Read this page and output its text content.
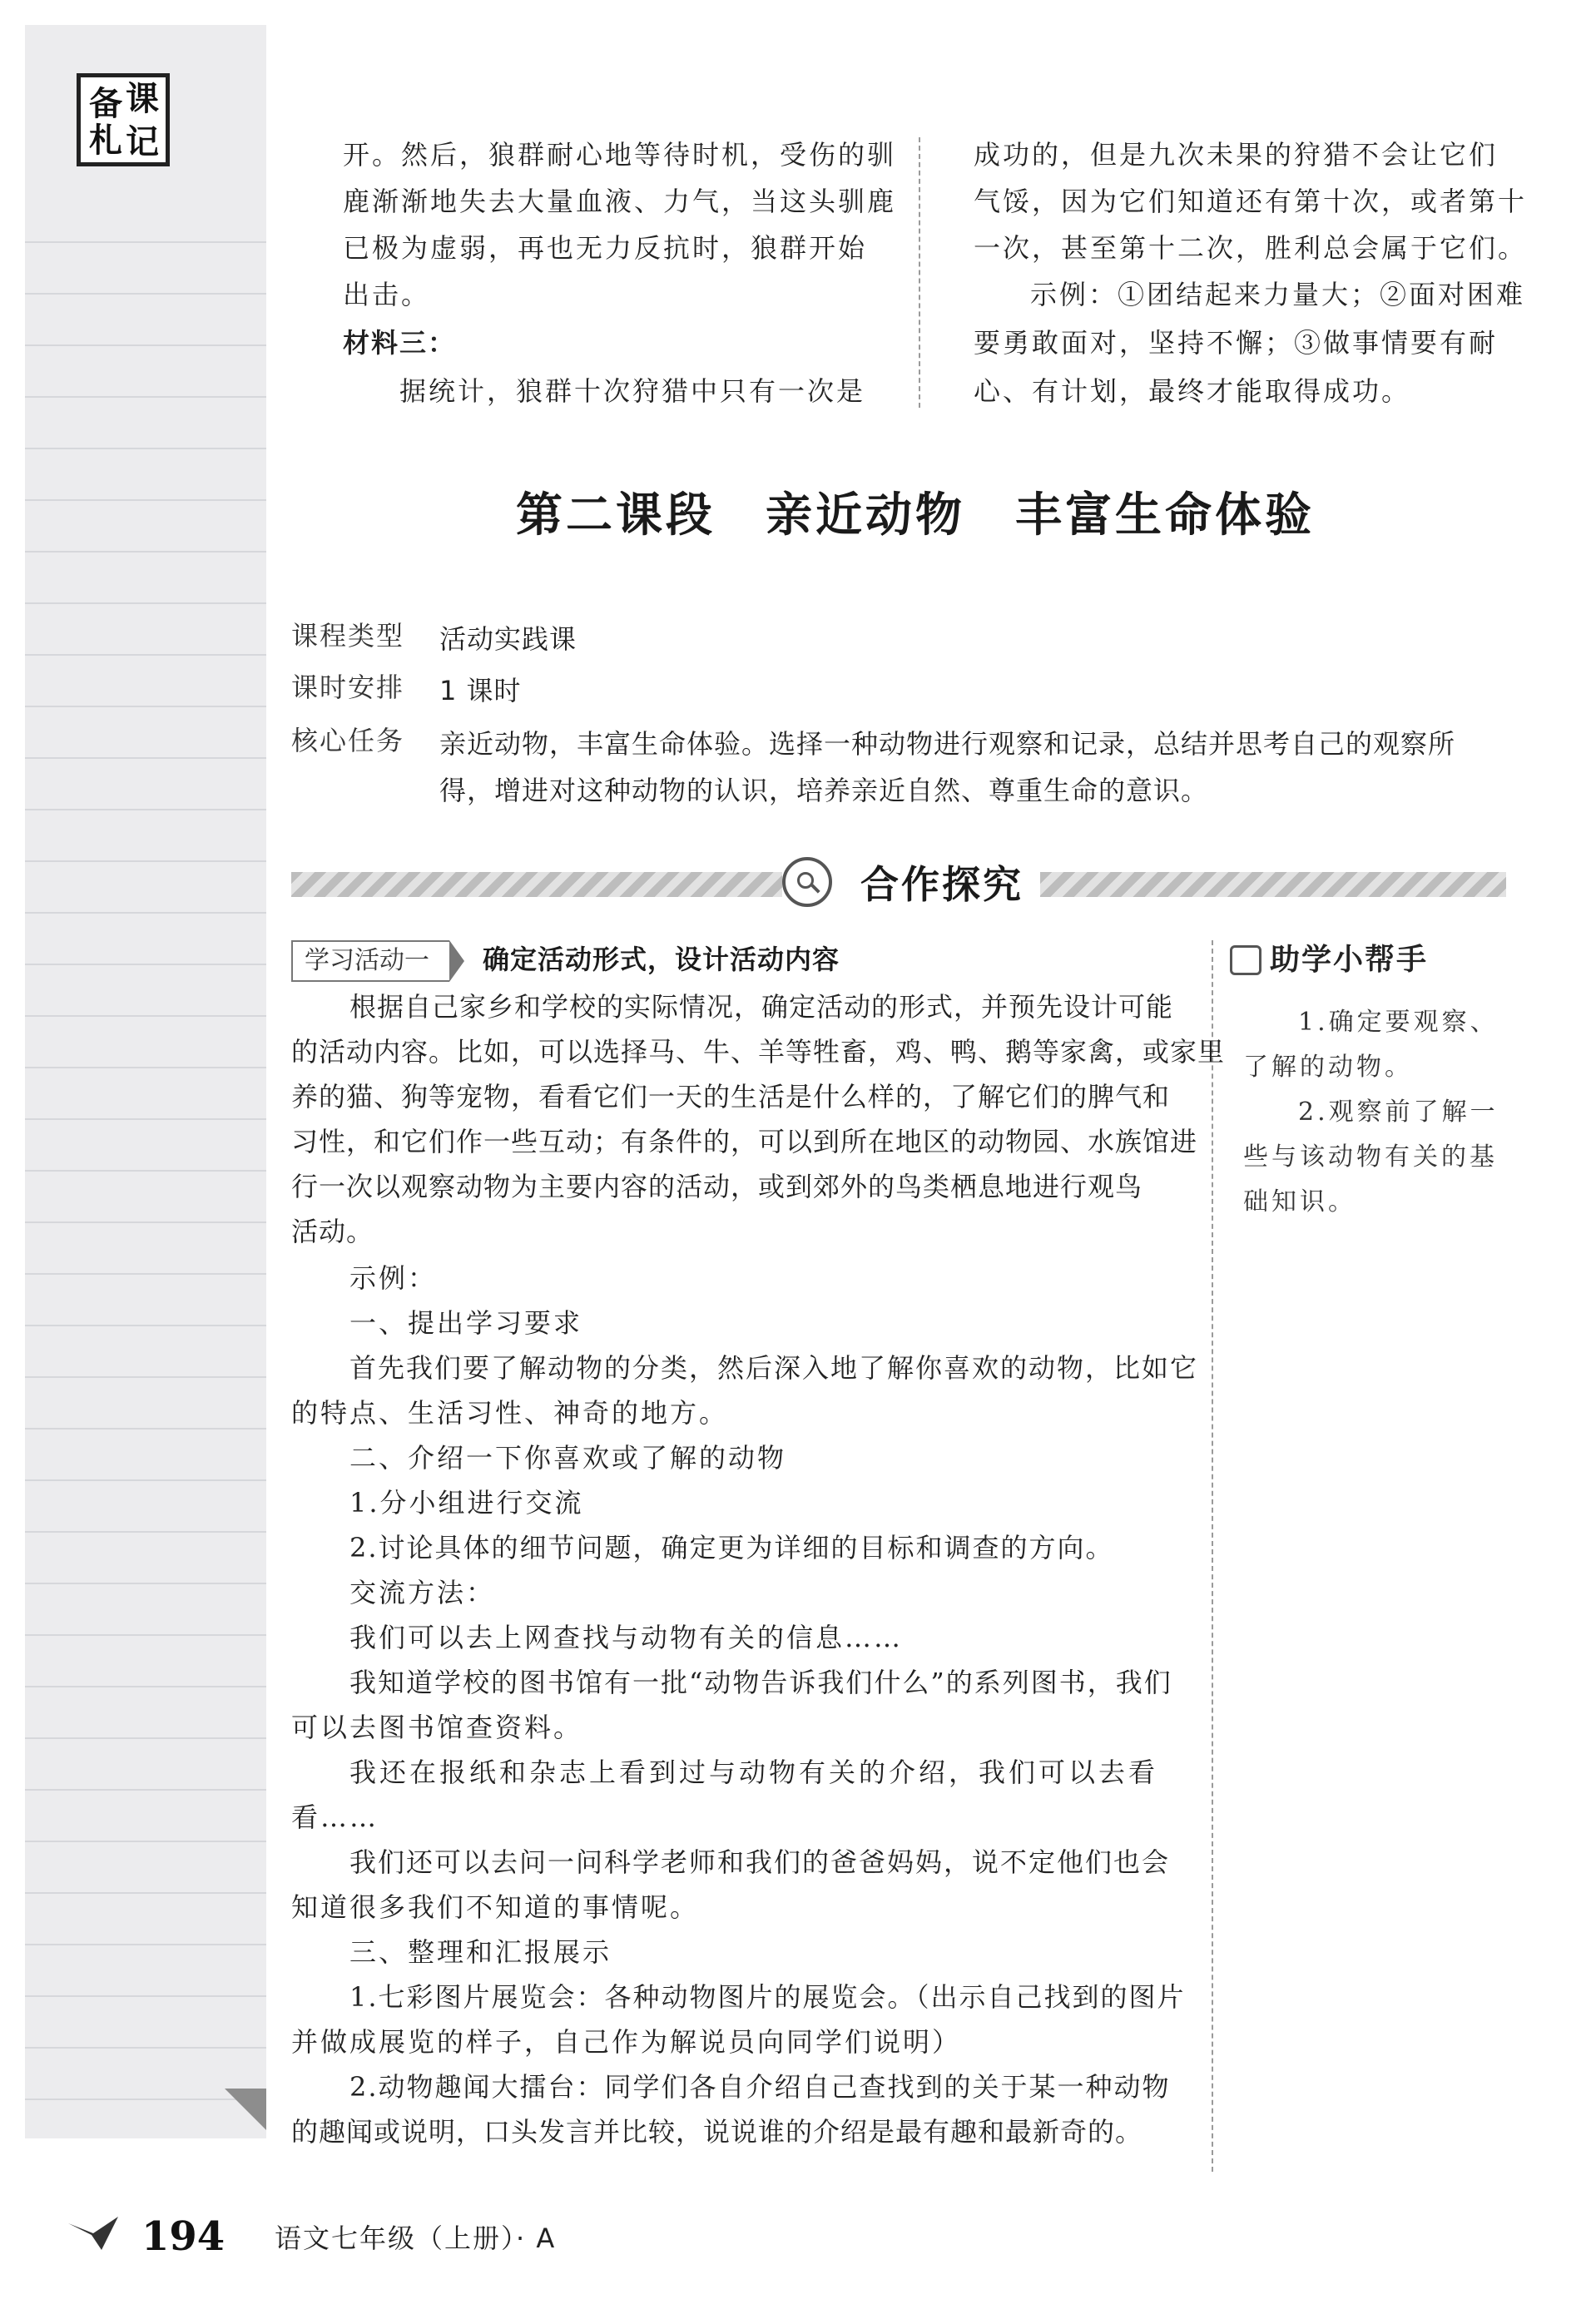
备 课
札 记	开。然后，狼群耐心地等待时机，受伤的驯
鹿渐渐地失去大量血液、力气，当这头驯鹿
已极为虚弱，再也无力反抗时，狼群开始
出击。
材料三：
据统计，狼群十次狩猎中只有一次是
成功的，但是九次未果的狩猎不会让它们
气馁，因为它们知道还有第十次，或者第十
一次，甚至第十二次，胜利总会属于它们。
示例：①团结起来力量大；②面对困难
要勇敢面对，坚持不懈；③做事情要有耐
心、有计划，最终才能取得成功。
第二课段　亲近动物　丰富生命体验
课程类型 活动实践课
课时安排 1 课时
核心任务 亲近动物，丰富生命体验。选择一种动物进行观察和记录，总结并思考自己的观察所
得，增进对这种动物的认识，培养亲近自然、尊重生命的意识。
合作探究
学习活动一	确定活动形式，设计活动内容
根据自己家乡和学校的实际情况，确定活动的形式，并预先设计可能
的活动内容。比如，可以选择马、牛、羊等牲畜，鸡、鸭、鹅等家禽，或家里
养的猫、狗等宠物，看看它们一天的生活是什么样的，了解它们的脾气和
习性，和它们作一些互动；有条件的，可以到所在地区的动物园、水族馆进
行一次以观察动物为主要内容的活动，或到郊外的鸟类栖息地进行观鸟
活动。
示例：
一、提出学习要求
首先我们要了解动物的分类，然后深入地了解你喜欢的动物，比如它
的特点、生活习性、神奇的地方。
二、介绍一下你喜欢或了解的动物
1.分小组进行交流
2.讨论具体的细节问题，确定更为详细的目标和调查的方向。
交流方法：
我们可以去上网查找与动物有关的信息……
我知道学校的图书馆有一批“动物告诉我们什么”的系列图书，我们
可以去图书馆查资料。
我还在报纸和杂志上看到过与动物有关的介绍，我们可以去看
看……
我们还可以去问一问科学老师和我们的爸爸妈妈，说不定他们也会
知道很多我们不知道的事情呢。
三、整理和汇报展示
1.七彩图片展览会：各种动物图片的展览会。（出示自己找到的图片
并做成展览的样子，自己作为解说员向同学们说明）
2.动物趣闻大擂台：同学们各自介绍自己查找到的关于某一种动物
的趣闻或说明，口头发言并比较，说说谁的介绍是最有趣和最新奇的。
助学小帮手
1.确定要观察、
了解的动物。
2.观察前了解一
些与该动物有关的基
础知识。
194 语文七年级（上册）· A
